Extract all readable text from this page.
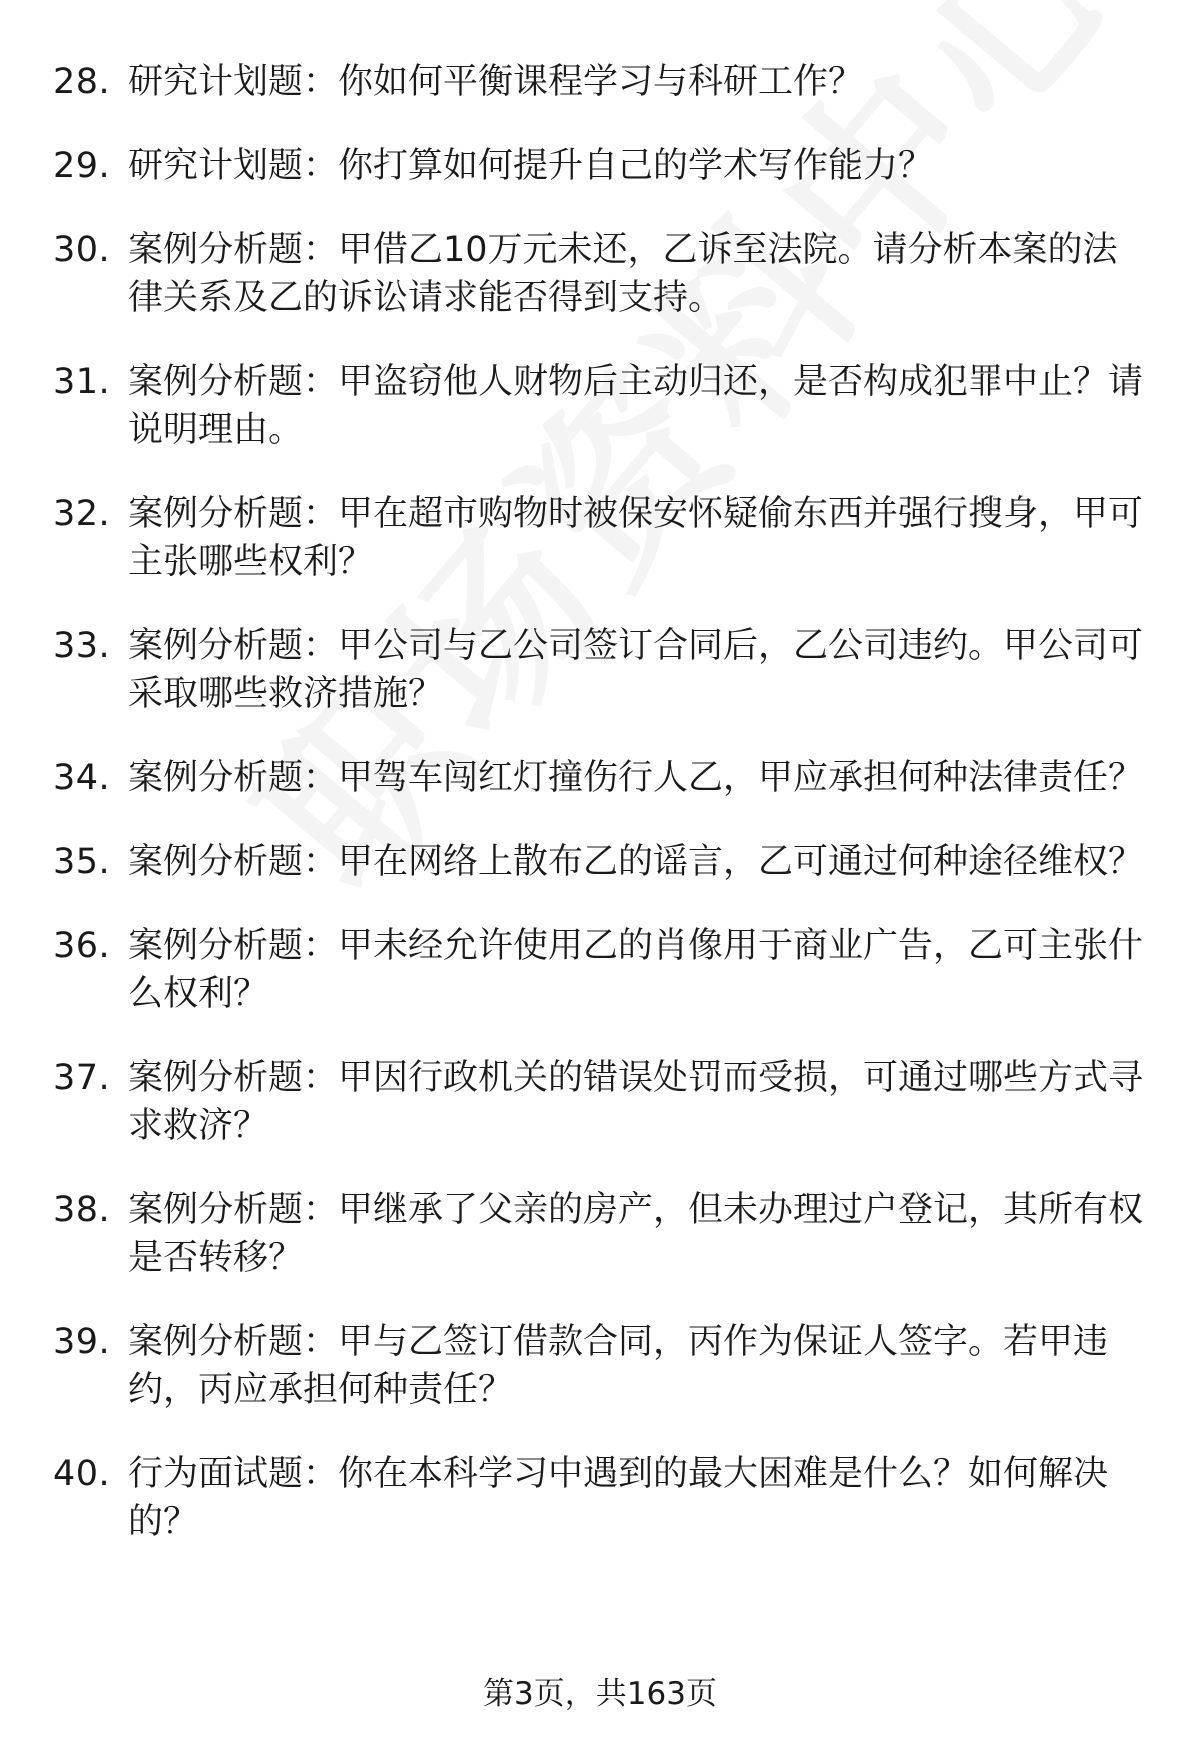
28. 研究计划题：你如何平衡课程学习与科研工作？
29. 研究计划题：你打算如何提升自己的学术写作能力？
30. 案例分析题：甲借乙10万元未还，乙诉至法院。请分析本案的法律关系及乙的诉讼请求能否得到支持。
31. 案例分析题：甲盗窃他人财物后主动归还，是否构成犯罪中止？请说明理由。
32. 案例分析题：甲在超市购物时被保安怀疑偷东西并强行搜身，甲可主张哪些权利？
33. 案例分析题：甲公司与乙公司签订合同后，乙公司违约。甲公司可采取哪些救济措施？
34. 案例分析题：甲驾车闯红灯撞伤行人乙，甲应承担何种法律责任？
35. 案例分析题：甲在网络上散布乙的谣言，乙可通过何种途径维权？
36. 案例分析题：甲未经允许使用乙的肖像用于商业广告，乙可主张什么权利？
37. 案例分析题：甲因行政机关的错误处罚而受损，可通过哪些方式寻求救济？
38. 案例分析题：甲继承了父亲的房产，但未办理过户登记，其所有权是否转移？
39. 案例分析题：甲与乙签订借款合同，丙作为保证人签字。若甲违约，丙应承担何种责任？
40. 行为面试题：你在本科学习中遇到的最大困难是什么？如何解决的？
第3页，共163页
